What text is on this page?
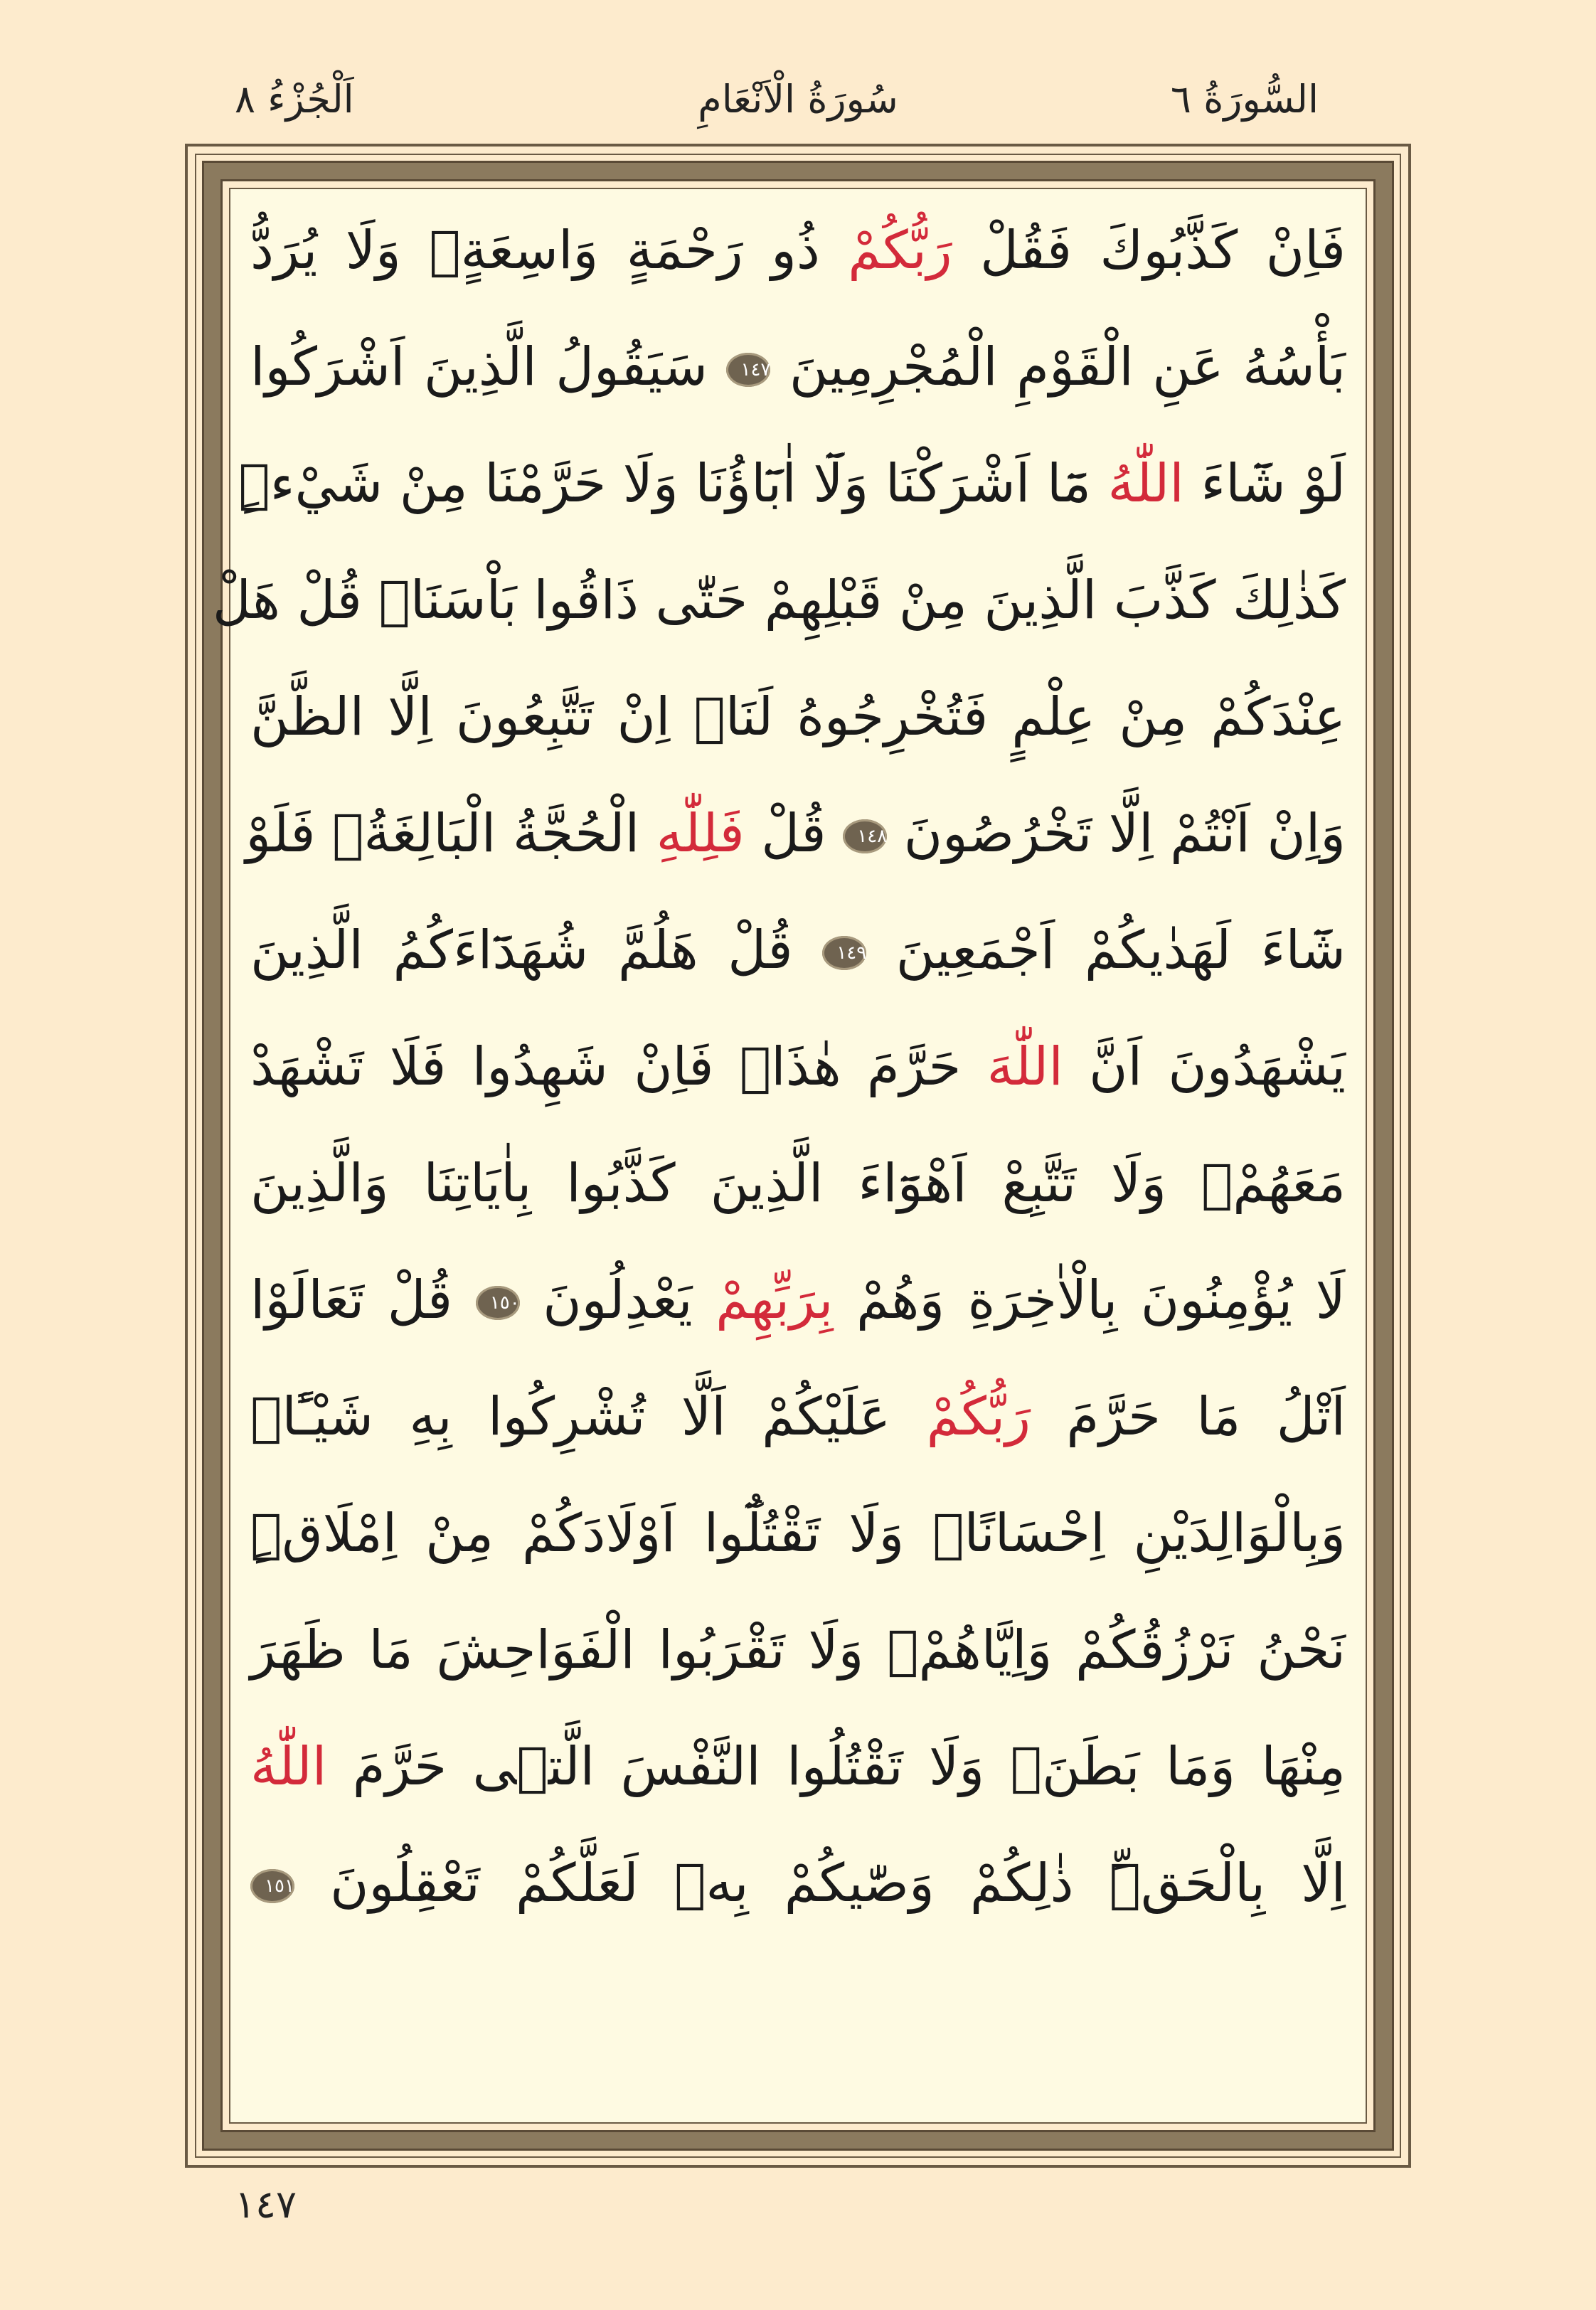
السُّورَةُ ٦
سُورَةُ الْاَنْعَامِ
اَلْجُزْءُ ٨
فَاِنْ كَذَّبُوكَ فَقُلْ رَبُّكُمْ ذُو رَحْمَةٍ وَاسِعَةٍۚ وَلَا يُرَدُّ
بَأْسُهُ عَنِ الْقَوْمِ الْمُجْرِمِينَ ١٤٧ سَيَقُولُ الَّذِينَ اَشْرَكُوا
لَوْ شَٓاءَ اللّٰهُ مَٓا اَشْرَكْنَا وَلَٓا اٰبَٓاؤُنَا وَلَا حَرَّمْنَا مِنْ شَيْءٍۜ
كَذٰلِكَ كَذَّبَ الَّذِينَ مِنْ قَبْلِهِمْ حَتّٰى ذَاقُوا بَاْسَنَاۜ قُلْ هَلْ
عِنْدَكُمْ مِنْ عِلْمٍ فَتُخْرِجُوهُ لَنَاۜ اِنْ تَتَّبِعُونَ اِلَّا الظَّنَّ
وَاِنْ اَنْتُمْ اِلَّا تَخْرُصُونَ ١٤٨ قُلْ فَلِلّٰهِ الْحُجَّةُ الْبَالِغَةُۚ فَلَوْ
شَٓاءَ لَهَدٰيكُمْ اَجْمَعِينَ ١٤٩ قُلْ هَلُمَّ شُهَدَٓاءَكُمُ الَّذِينَ
يَشْهَدُونَ اَنَّ اللّٰهَ حَرَّمَ هٰذَاۚ فَاِنْ شَهِدُوا فَلَا تَشْهَدْ
مَعَهُمْۚ وَلَا تَتَّبِعْ اَهْوَٓاءَ الَّذِينَ كَذَّبُوا بِاٰيَاتِنَا وَالَّذِينَ
لَا يُؤْمِنُونَ بِالْاٰخِرَةِ وَهُمْ بِرَبِّهِمْ يَعْدِلُونَ ١٥٠ قُلْ تَعَالَوْا
اَتْلُ مَا حَرَّمَ رَبُّكُمْ عَلَيْكُمْ اَلَّا تُشْرِكُوا بِهِ شَيْـًٔاۜ
وَبِالْوَالِدَيْنِ اِحْسَانًاۚ وَلَا تَقْتُلُٓوا اَوْلَادَكُمْ مِنْ اِمْلَاقٍۜ
نَحْنُ نَرْزُقُكُمْ وَاِيَّاهُمْۚ وَلَا تَقْرَبُوا الْفَوَاحِشَ مَا ظَهَرَ
مِنْهَا وَمَا بَطَنَۚ وَلَا تَقْتُلُوا النَّفْسَ الَّتٖى حَرَّمَ اللّٰهُ
اِلَّا بِالْحَقِّۜ ذٰلِكُمْ وَصّٰيكُمْ بِهٖ لَعَلَّكُمْ تَعْقِلُونَ ١٥١
١٤٧
